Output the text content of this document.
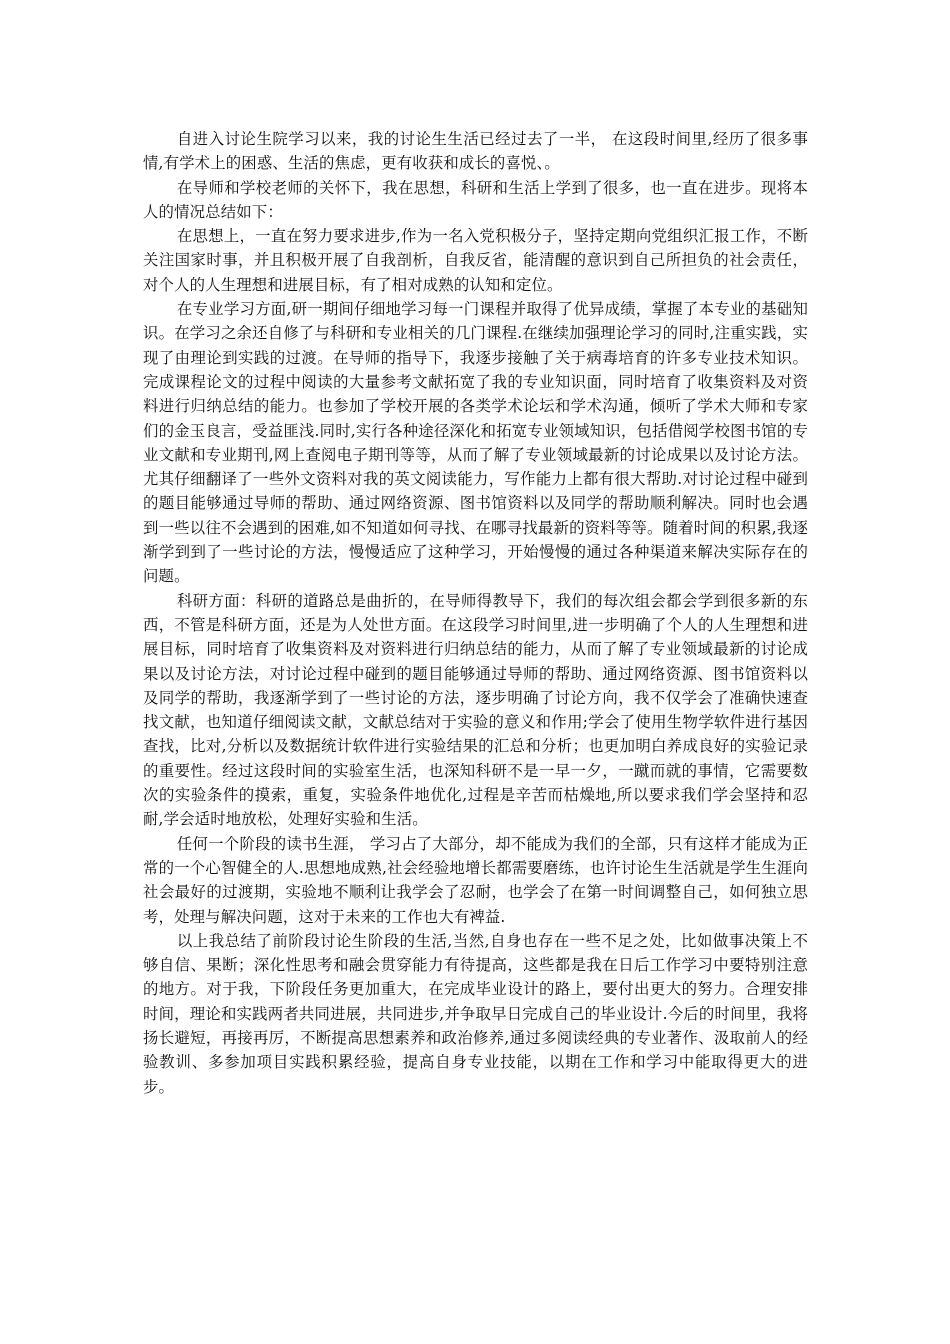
自进入讨论生院学习以来，我的讨论生生活已经过去了一半， 在这段时间里,经历了很多事情,有学术上的困惑、生活的焦虑，更有收获和成长的喜悦、。

在导师和学校老师的关怀下，我在思想，科研和生活上学到了很多，也一直在进步。现将本人的情况总结如下：

在思想上，一直在努力要求进步,作为一名入党积极分子，坚持定期向党组织汇报工作，不断关注国家时事，并且积极开展了自我剖析，自我反省，能清醒的意识到自己所担负的社会责任，对个人的人生理想和进展目标，有了相对成熟的认知和定位。

在专业学习方面,研一期间仔细地学习每一门课程并取得了优异成绩，掌握了本专业的基础知识。在学习之余还自修了与科研和专业相关的几门课程.在继续加强理论学习的同时,注重实践，实现了由理论到实践的过渡。在导师的指导下，我逐步接触了关于病毒培育的许多专业技术知识。完成课程论文的过程中阅读的大量参考文献拓宽了我的专业知识面，同时培育了收集资料及对资料进行归纳总结的能力。也参加了学校开展的各类学术论坛和学术沟通，倾听了学术大师和专家们的金玉良言，受益匪浅.同时,实行各种途径深化和拓宽专业领域知识，包括借阅学校图书馆的专业文献和专业期刊,网上查阅电子期刊等等，从而了解了专业领域最新的讨论成果以及讨论方法。尤其仔细翻译了一些外文资料对我的英文阅读能力，写作能力上都有很大帮助.对讨论过程中碰到的题目能够通过导师的帮助、通过网络资源、图书馆资料以及同学的帮助顺利解决。同时也会遇到一些以往不会遇到的困难,如不知道如何寻找、在哪寻找最新的资料等等。随着时间的积累,我逐渐学到到了一些讨论的方法，慢慢适应了这种学习，开始慢慢的通过各种渠道来解决实际存在的问题。

科研方面：科研的道路总是曲折的，在导师得教导下，我们的每次组会都会学到很多新的东西，不管是科研方面，还是为人处世方面。在这段学习时间里,进一步明确了个人的人生理想和进展目标，同时培育了收集资料及对资料进行归纳总结的能力，从而了解了专业领域最新的讨论成果以及讨论方法，对讨论过程中碰到的题目能够通过导师的帮助、通过网络资源、图书馆资料以及同学的帮助，我逐渐学到了一些讨论的方法，逐步明确了讨论方向，我不仅学会了准确快速查找文献，也知道仔细阅读文献，文献总结对于实验的意义和作用;学会了使用生物学软件进行基因查找，比对,分析以及数据统计软件进行实验结果的汇总和分析；也更加明白养成良好的实验记录的重要性。经过这段时间的实验室生活，也深知科研不是一早一夕，一蹴而就的事情，它需要数次的实验条件的摸索，重复，实验条件地优化,过程是辛苦而枯燥地,所以要求我们学会坚持和忍耐,学会适时地放松，处理好实验和生活。

任何一个阶段的读书生涯， 学习占了大部分，却不能成为我们的全部，只有这样才能成为正常的一个心智健全的人.思想地成熟,社会经验地增长都需要磨练，也许讨论生生活就是学生生涯向社会最好的过渡期，实验地不顺利让我学会了忍耐，也学会了在第一时间调整自己，如何独立思考，处理与解决问题，这对于未来的工作也大有裨益.

以上我总结了前阶段讨论生阶段的生活,当然,自身也存在一些不足之处，比如做事决策上不够自信、果断；深化性思考和融会贯穿能力有待提高，这些都是我在日后工作学习中要特别注意的地方。对于我，下阶段任务更加重大，在完成毕业设计的路上，要付出更大的努力。合理安排时间，理论和实践两者共同进展，共同进步,并争取早日完成自己的毕业设计.今后的时间里，我将扬长避短，再接再厉，不断提高思想素养和政治修养,通过多阅读经典的专业著作、汲取前人的经验教训、多参加项目实践积累经验，提高自身专业技能，以期在工作和学习中能取得更大的进步。
